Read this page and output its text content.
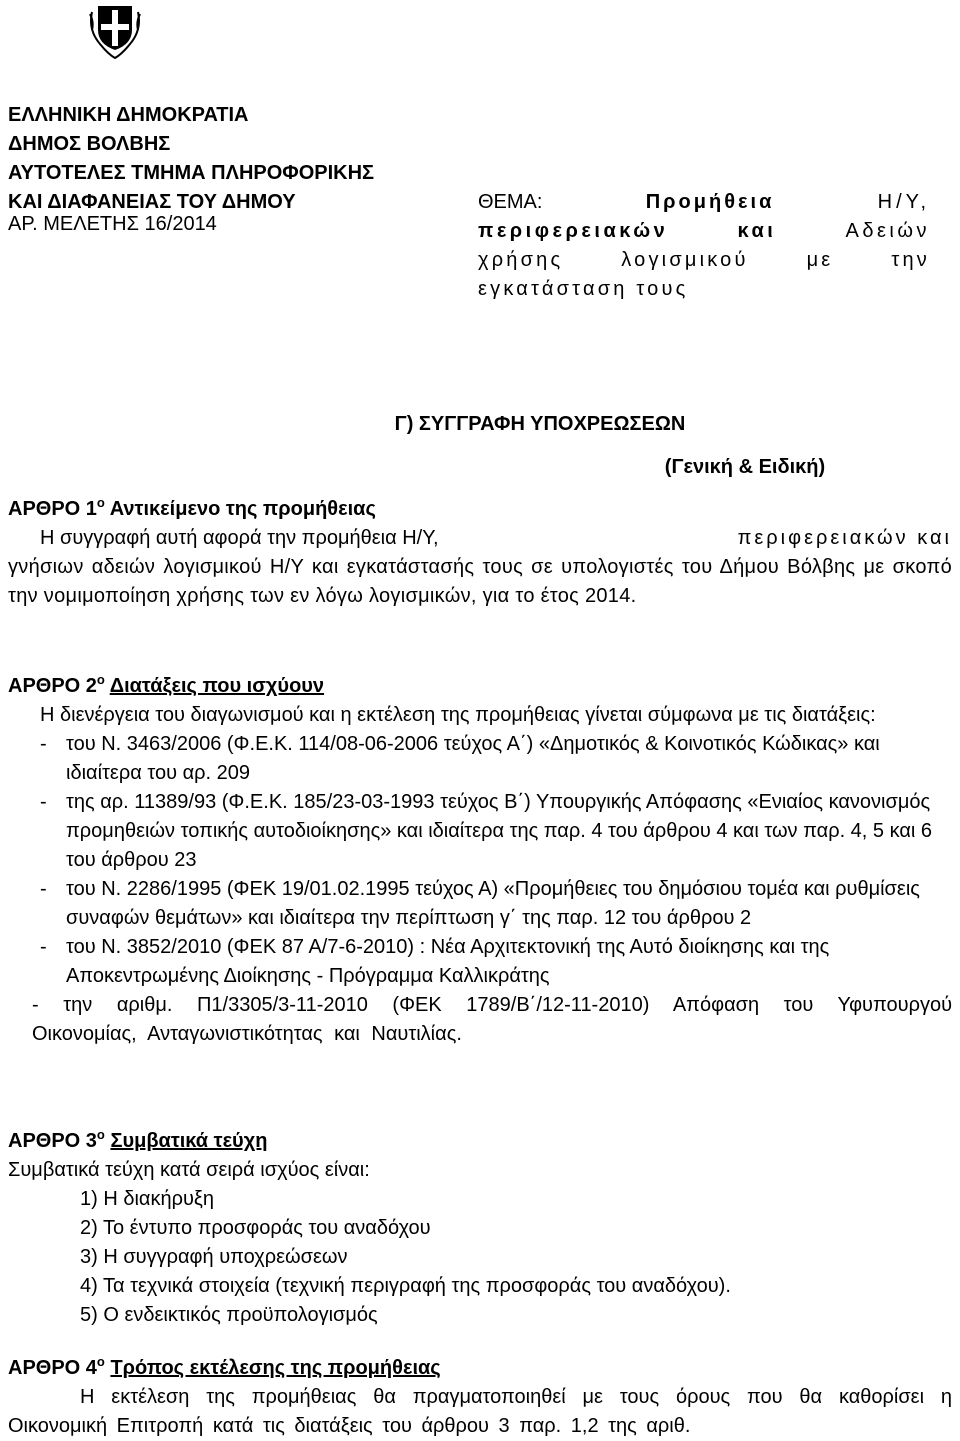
ΕΛΛΗΝΙΚΗ ΔΗΜΟΚΡΑΤΙΑ
ΔΗΜΟΣ ΒΟΛΒΗΣ
ΑΥΤΟΤΕΛΕΣ ΤΜΗΜΑ ΠΛΗΡΟΦΟΡΙΚΗΣ
ΚΑΙ ΔΙΑΦΑΝΕΙΑΣ ΤΟΥ ΔΗΜΟΥ
ΑΡ. ΜΕΛΕΤΗΣ 16/2014
ΘΕΜΑ:	Προμήθεια	Η/Υ,
περιφερειακών	και	Αδειών
χρήσης	λογισμικού	με	την
εγκατάσταση τους
Γ) ΣΥΓΓΡΑΦΗ ΥΠΟΧΡΕΩΣΕΩΝ
(Γενική & Ειδική)
ΑΡΘΡΟ $1^o$ Αντικείμενο της προμήθειας
Η συγγραφή αυτή αφορά την προμήθεια Η/Υ,	περιφερειακών και
γνήσιων αδειών λογισμικού Η/Υ και εγκατάστασής τους σε υπολογιστές του Δήμου Βόλβης με σκοπό την νομιμοποίηση χρήσης των εν λόγω λογισμικών, για το έτος 2014.
ΑΡΘΡΟ $2^o$ Διατάξεις που ισχύουν
Η διενέργεια του διαγωνισμού και η εκτέλεση της προμήθειας γίνεται σύμφωνα με τις διατάξεις:
- του Ν. 3463/2006 (Φ.Ε.Κ. 114/08-06-2006 τεύχος Α΄) «Δημοτικός & Κοινοτικός Κώδικας» και ιδιαίτερα του αρ. 209
- της αρ. 11389/93 (Φ.Ε.Κ. 185/23-03-1993 τεύχος Β΄) Υπουργικής Απόφασης «Ενιαίος κανονισμός προμηθειών τοπικής αυτοδιοίκησης» και ιδιαίτερα της παρ. 4 του άρθρου 4 και των παρ. 4, 5 και 6 του άρθρου 23
- του Ν. 2286/1995 (ΦΕΚ 19/01.02.1995 τεύχος Α) «Προμήθειες του δημόσιου τομέα και ρυθμίσεις συναφών θεμάτων» και ιδιαίτερα την περίπτωση γ΄ της παρ. 12 του άρθρου 2
- του Ν. 3852/2010 (ΦΕΚ 87 Α/7-6-2010) : Νέα Αρχιτεκτονική της Αυτό διοίκησης και της Αποκεντρωμένης Διοίκησης - Πρόγραμμα Καλλικράτης
- την αριθμ. Π1/3305/3-11-2010 (ΦΕΚ 1789/Β΄/12-11-2010) Απόφαση του Υφυπουργού Οικονομίας, Ανταγωνιστικότητας και Ναυτιλίας.
ΑΡΘΡΟ $3^o$ Συμβατικά τεύχη
Συμβατικά τεύχη κατά σειρά ισχύος είναι:
1) Η διακήρυξη
2) Το έντυπο προσφοράς του αναδόχου
3) Η συγγραφή υποχρεώσεων
4) Τα τεχνικά στοιχεία (τεχνική περιγραφή της προσφοράς του αναδόχου).
5) Ο ενδεικτικός προϋπολογισμός
ΑΡΘΡΟ $4^o$ Τρόπος εκτέλεσης της προμήθειας
Η εκτέλεση της προμήθειας θα πραγματοποιηθεί με τους όρους που θα καθορίσει η Οικονομική Επιτροπή κατά τις διατάξεις του άρθρου 3 παρ. 1,2 της αριθ.
